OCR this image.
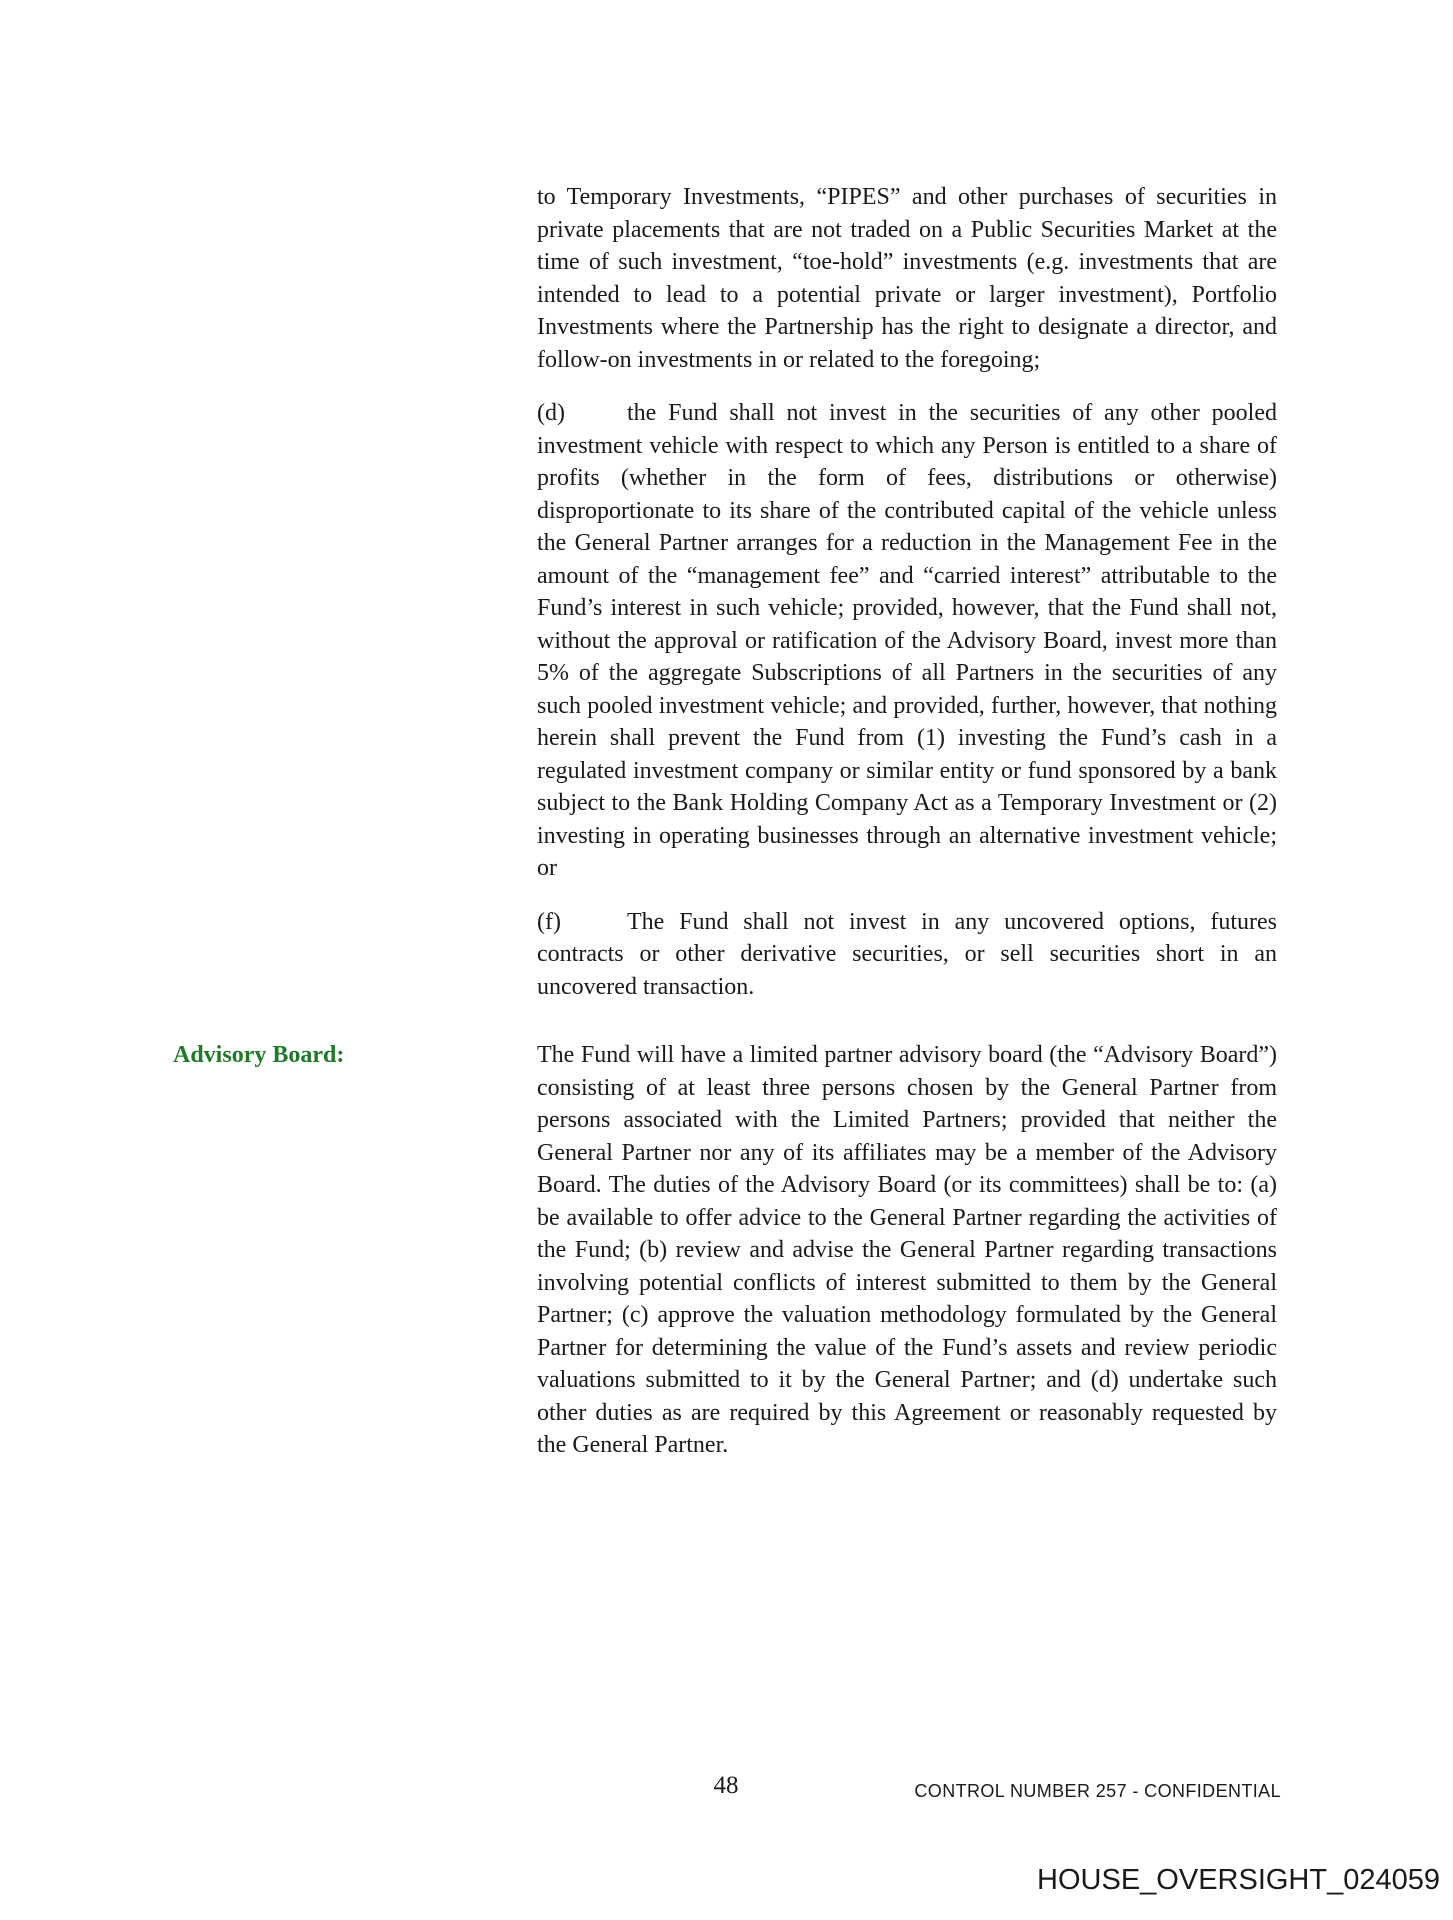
to Temporary Investments, “PIPES” and other purchases of securities in private placements that are not traded on a Public Securities Market at the time of such investment, “toe-hold” investments (e.g. investments that are intended to lead to a potential private or larger investment), Portfolio Investments where the Partnership has the right to designate a director, and follow-on investments in or related to the foregoing;

(d)	the Fund shall not invest in the securities of any other pooled investment vehicle with respect to which any Person is entitled to a share of profits (whether in the form of fees, distributions or otherwise) disproportionate to its share of the contributed capital of the vehicle unless the General Partner arranges for a reduction in the Management Fee in the amount of the “management fee” and “carried interest” attributable to the Fund’s interest in such vehicle; provided, however, that the Fund shall not, without the approval or ratification of the Advisory Board, invest more than 5% of the aggregate Subscriptions of all Partners in the securities of any such pooled investment vehicle; and provided, further, however, that nothing herein shall prevent the Fund from (1) investing the Fund’s cash in a regulated investment company or similar entity or fund sponsored by a bank subject to the Bank Holding Company Act as a Temporary Investment or (2) investing in operating businesses through an alternative investment vehicle; or

(f)	The Fund shall not invest in any uncovered options, futures contracts or other derivative securities, or sell securities short in an uncovered transaction.

Advisory Board:	The Fund will have a limited partner advisory board (the “Advisory Board”) consisting of at least three persons chosen by the General Partner from persons associated with the Limited Partners; provided that neither the General Partner nor any of its affiliates may be a member of the Advisory Board. The duties of the Advisory Board (or its committees) shall be to: (a) be available to offer advice to the General Partner regarding the activities of the Fund; (b) review and advise the General Partner regarding transactions involving potential conflicts of interest submitted to them by the General Partner; (c) approve the valuation methodology formulated by the General Partner for determining the value of the Fund’s assets and review periodic valuations submitted to it by the General Partner; and (d) undertake such other duties as are required by this Agreement or reasonably requested by the General Partner.

48	CONTROL NUMBER 257 - CONFIDENTIAL
HOUSE_OVERSIGHT_024059
